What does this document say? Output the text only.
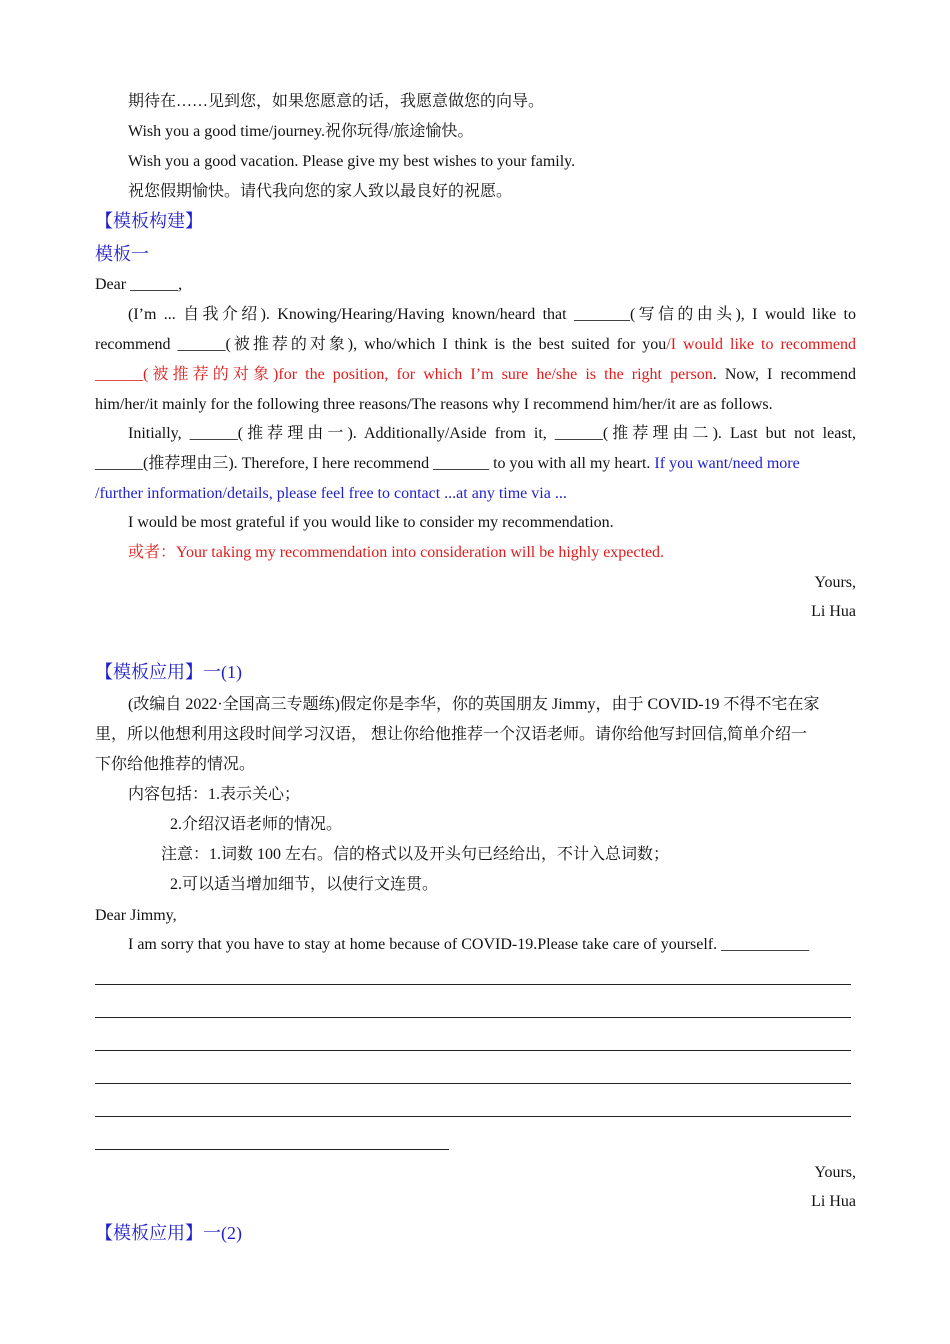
期待在……见到您，如果您愿意的话，我愿意做您的向导。
Wish you a good time/journey.祝你玩得/旅途愉快。
Wish you a good vacation. Please give my best wishes to your family.
祝您假期愉快。请代我向您的家人致以最良好的祝愿。
【模板构建】
模板一
Dear ______,
(I’m ... 自我介绍). Knowing/Hearing/Having known/heard that _______(写信的由头), I would like to
recommend ______(被推荐的对象), who/which I think is the best suited for you/I would like to recommend
______(被推荐的对象)for the position, for which I’m sure he/she is the right person. Now, I recommend
him/her/it mainly for the following three reasons/The reasons why I recommend him/her/it are as follows.
Initially, ______(推荐理由一). Additionally/Aside from it, ______(推荐理由二). Last but not least,
______(推荐理由三). Therefore, I here recommend _______ to you with all my heart. If you want/need more
/further information/details, please feel free to contact ...at any time via ...
I would be most grateful if you would like to consider my recommendation.
或者：Your taking my recommendation into consideration will be highly expected.
Yours,
Li Hua
【模板应用】一(1)
(改编自 2022·全国高三专题练)假定你是李华，你的英国朋友 Jimmy，由于 COVID-19 不得不宅在家
里，所以他想利用这段时间学习汉语， 想让你给他推荐一个汉语老师。请你给他写封回信,简单介绍一
下你给他推荐的情况。
内容包括：1.表示关心；
2.介绍汉语老师的情况。
注意：1.词数 100 左右。信的格式以及开头句已经给出，不计入总词数；
2.可以适当增加细节，以使行文连贯。
Dear Jimmy,
I am sorry that you have to stay at home because of COVID-19.Please take care of yourself. ___________
Yours,
Li Hua
【模板应用】一(2)
